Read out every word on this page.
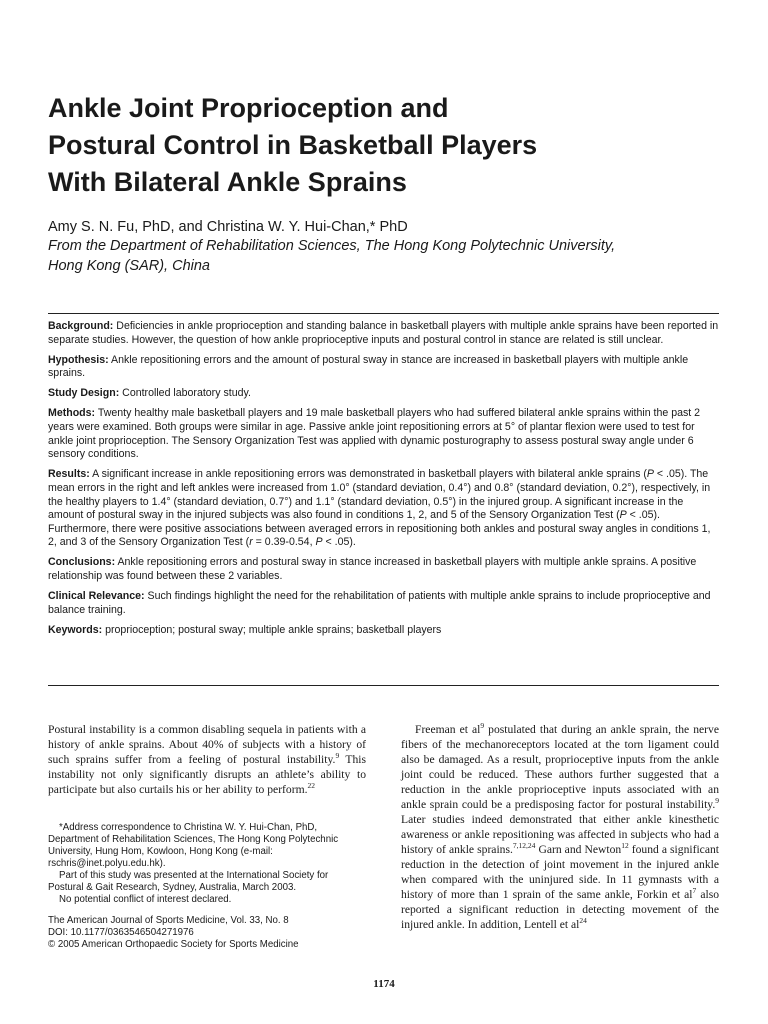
Ankle Joint Proprioception and
Postural Control in Basketball Players
With Bilateral Ankle Sprains

Amy S. N. Fu, PhD, and Christina W. Y. Hui-Chan,* PhD

From the Department of Rehabilitation Sciences, The Hong Kong Polytechnic University,
Hong Kong (SAR), China

Background: Deficiencies in ankle proprioception and standing balance in basketball players with multiple ankle sprains have been reported in separate studies. However, the question of how ankle proprioceptive inputs and postural control in stance are related is still unclear.

Hypothesis: Ankle repositioning errors and the amount of postural sway in stance are increased in basketball players with multiple ankle sprains.

Study Design: Controlled laboratory study.

Methods: Twenty healthy male basketball players and 19 male basketball players who had suffered bilateral ankle sprains within the past 2 years were examined. Both groups were similar in age. Passive ankle joint repositioning errors at 5° of plantar flexion were used to test for ankle joint proprioception. The Sensory Organization Test was applied with dynamic posturography to assess postural sway angle under 6 sensory conditions.

Results: A significant increase in ankle repositioning errors was demonstrated in basketball players with bilateral ankle sprains (P < .05). The mean errors in the right and left ankles were increased from 1.0° (standard deviation, 0.4°) and 0.8° (standard deviation, 0.2°), respectively, in the healthy players to 1.4° (standard deviation, 0.7°) and 1.1° (standard deviation, 0.5°) in the injured group. A significant increase in the amount of postural sway in the injured subjects was also found in conditions 1, 2, and 5 of the Sensory Organization Test (P < .05). Furthermore, there were positive associations between averaged errors in repositioning both ankles and postural sway angles in conditions 1, 2, and 3 of the Sensory Organization Test (r = 0.39-0.54, P < .05).

Conclusions: Ankle repositioning errors and postural sway in stance increased in basketball players with multiple ankle sprains. A positive relationship was found between these 2 variables.

Clinical Relevance: Such findings highlight the need for the rehabilitation of patients with multiple ankle sprains to include proprioceptive and balance training.

Keywords: proprioception; postural sway; multiple ankle sprains; basketball players

Postural instability is a common disabling sequela in patients with a history of ankle sprains. About 40% of subjects with a history of such sprains suffer from a feeling of postural instability.$^9$ This instability not only significantly disrupts an athlete’s ability to participate but also curtails his or her ability to perform.$^{22}$

*Address correspondence to Christina W. Y. Hui-Chan, PhD, Department of Rehabilitation Sciences, The Hong Kong Polytechnic University, Hung Hom, Kowloon, Hong Kong (e-mail: rschris@inet.polyu.edu.hk).

Part of this study was presented at the International Society for Postural & Gait Research, Sydney, Australia, March 2003.

No potential conflict of interest declared.

The American Journal of Sports Medicine, Vol. 33, No. 8
DOI: 10.1177/0363546504271976
© 2005 American Orthopaedic Society for Sports Medicine

Freeman et $al^9$ postulated that during an ankle sprain, the nerve fibers of the mechanoreceptors located at the torn ligament could also be damaged. As a result, proprioceptive inputs from the ankle joint could be reduced. These authors further suggested that a reduction in the ankle proprioceptive inputs associated with an ankle sprain could be a predisposing factor for postural instability.$^9$ Later studies indeed demonstrated that either ankle kinesthetic awareness or ankle repositioning was affected in subjects who had a history of ankle sprains.$^{7,12,24}$ Garn and Newton$^{12}$ found a significant reduction in the detection of joint movement in the injured ankle when compared with the uninjured side. In 11 gymnasts with a history of more than 1 sprain of the same ankle, Forkin et $al^7$ also reported a significant reduction in detecting movement of the injured ankle. In addition, Lentell et $al^{24}$

1174
